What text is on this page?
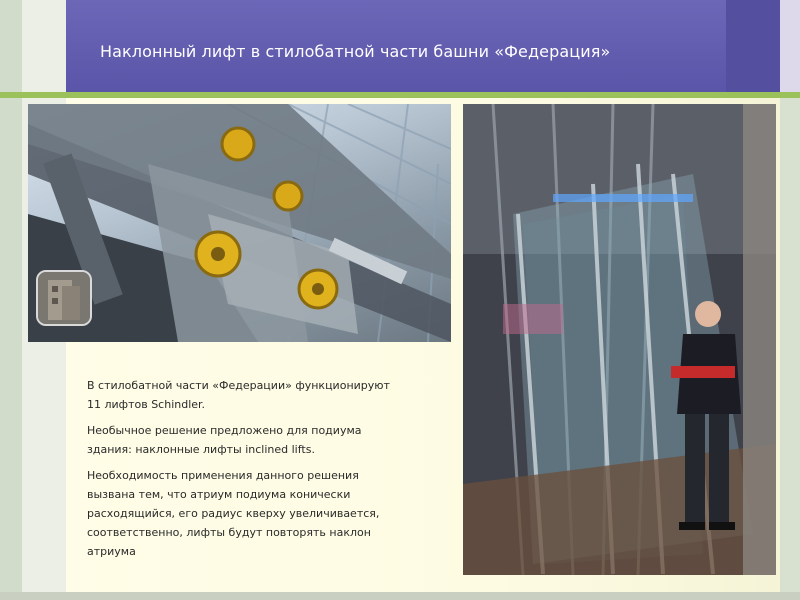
Наклонный лифт в стилобатной части башни «Федерация»

В стилобатной части «Федерации» функционируют 11 лифтов Schindler.

Необычное решение предложено для подиума здания: наклонные лифты inclined lifts.

Необходимость применения данного решения вызвана тем, что атриум подиума конически расходящийся, его радиус кверху увеличивается, соответственно, лифты будут повторять наклон атриума
